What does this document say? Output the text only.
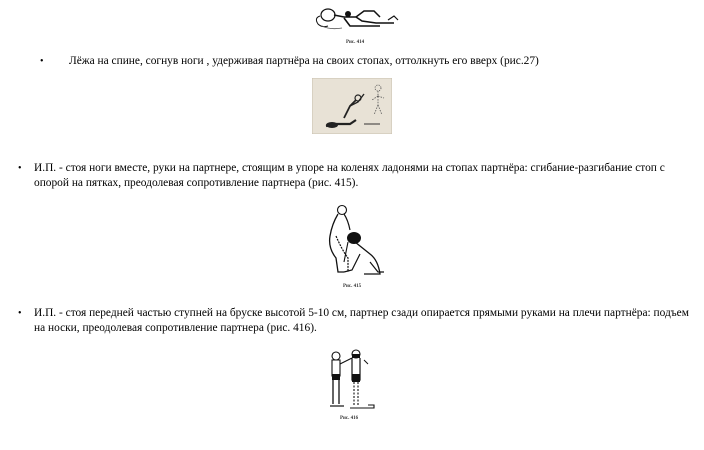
Рис. 414
• Лёжа на спине, согнув ноги , удерживая партнёра на своих стопах, оттолкнуть его вверх (рис.27)
• И.П. - стоя ноги вместе, руки на партнере, стоящим в упоре на коленях ладонями на стопах партнёра: сгибание-разгибание стоп с
опорой на пятках, преодолевая сопротивление партнера (рис. 415).
Рис. 415
• И.П. - стоя передней частью ступней на бруске высотой 5-10 см, партнер сзади опирается прямыми руками на плечи партнёра: подъем
на носки, преодолевая сопротивление партнера (рис. 416).
Рис. 416
